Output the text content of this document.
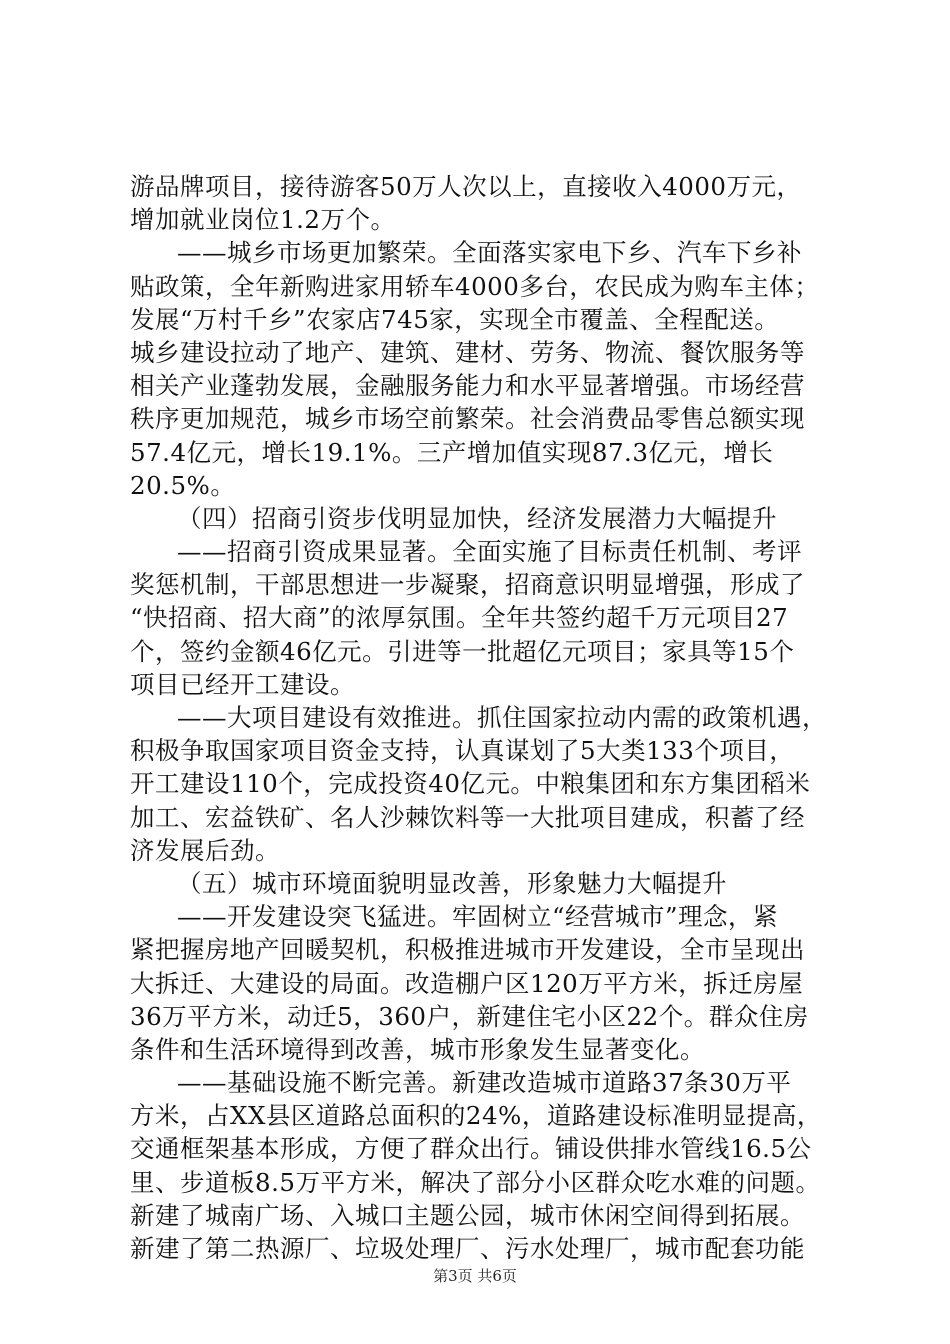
游品牌项目，接待游客50万人次以上，直接收入4000万元，
增加就业岗位1.2万个。
——城乡市场更加繁荣。全面落实家电下乡、汽车下乡补
贴政策，全年新购进家用轿车4000多台，农民成为购车主体；
发展“万村千乡”农家店745家，实现全市覆盖、全程配送。
城乡建设拉动了地产、建筑、建材、劳务、物流、餐饮服务等
相关产业蓬勃发展，金融服务能力和水平显著增强。市场经营
秩序更加规范，城乡市场空前繁荣。社会消费品零售总额实现
57.4亿元，增长19.1%。三产增加值实现87.3亿元，增长
20.5%。
（四）招商引资步伐明显加快，经济发展潜力大幅提升
——招商引资成果显著。全面实施了目标责任机制、考评
奖惩机制，干部思想进一步凝聚，招商意识明显增强，形成了
“快招商、招大商”的浓厚氛围。全年共签约超千万元项目27
个，签约金额46亿元。引进等一批超亿元项目；家具等15个
项目已经开工建设。
——大项目建设有效推进。抓住国家拉动内需的政策机遇，
积极争取国家项目资金支持，认真谋划了5大类133个项目，
开工建设110个，完成投资40亿元。中粮集团和东方集团稻米
加工、宏益铁矿、名人沙棘饮料等一大批项目建成，积蓄了经
济发展后劲。
（五）城市环境面貌明显改善，形象魅力大幅提升
——开发建设突飞猛进。牢固树立“经营城市”理念，紧
紧把握房地产回暖契机，积极推进城市开发建设，全市呈现出
大拆迁、大建设的局面。改造棚户区120万平方米，拆迁房屋
36万平方米，动迁5，360户，新建住宅小区22个。群众住房
条件和生活环境得到改善，城市形象发生显著变化。
——基础设施不断完善。新建改造城市道路37条30万平
方米，占XX县区道路总面积的24%，道路建设标准明显提高，
交通框架基本形成，方便了群众出行。铺设供排水管线16.5公
里、步道板8.5万平方米，解决了部分小区群众吃水难的问题。
新建了城南广场、入城口主题公园，城市休闲空间得到拓展。
新建了第二热源厂、垃圾处理厂、污水处理厂，城市配套功能
第3页 共6页
